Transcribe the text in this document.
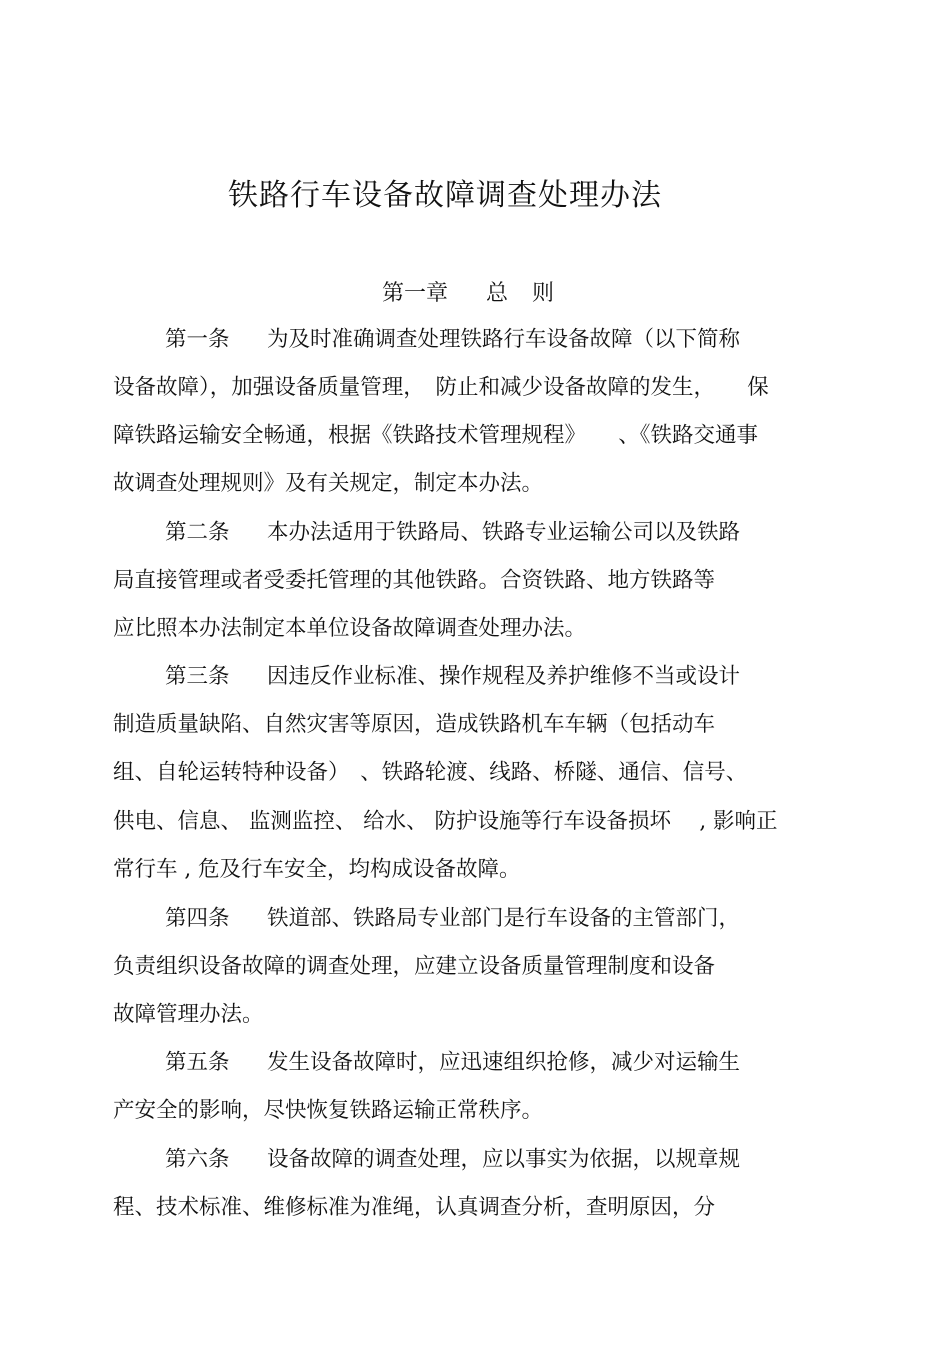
铁路行车设备故障调查处理办法
第一章 总 则
第一条 为及时准确调查处理铁路行车设备故障（以下简称
设备故障），加强设备质量管理，　防止和减少设备故障的发生，　　保
障铁路运输安全畅通，根据《铁路技术管理规程》　　、《铁路交通事
故调查处理规则》及有关规定，制定本办法。
第二条 本办法适用于铁路局、铁路专业运输公司以及铁路
局直接管理或者受委托管理的其他铁路。合资铁路、地方铁路等
应比照本办法制定本单位设备故障调查处理办法。
第三条 因违反作业标准、操作规程及养护维修不当或设计
制造质量缺陷、自然灾害等原因，造成铁路机车车辆（包括动车
组、自轮运转特种设备）　、铁路轮渡、线路、桥隧、通信、信号、
供电、信息、 监测监控、 给水、 防护设施等行车设备损坏　 , 影响正
常行车 , 危及行车安全，均构成设备故障。
第四条 铁道部、铁路局专业部门是行车设备的主管部门，
负责组织设备故障的调查处理，应建立设备质量管理制度和设备
故障管理办法。
第五条 发生设备故障时，应迅速组织抢修，减少对运输生
产安全的影响，尽快恢复铁路运输正常秩序。
第六条 设备故障的调查处理，应以事实为依据，以规章规
程、技术标准、维修标准为准绳，认真调查分析，查明原因，分
